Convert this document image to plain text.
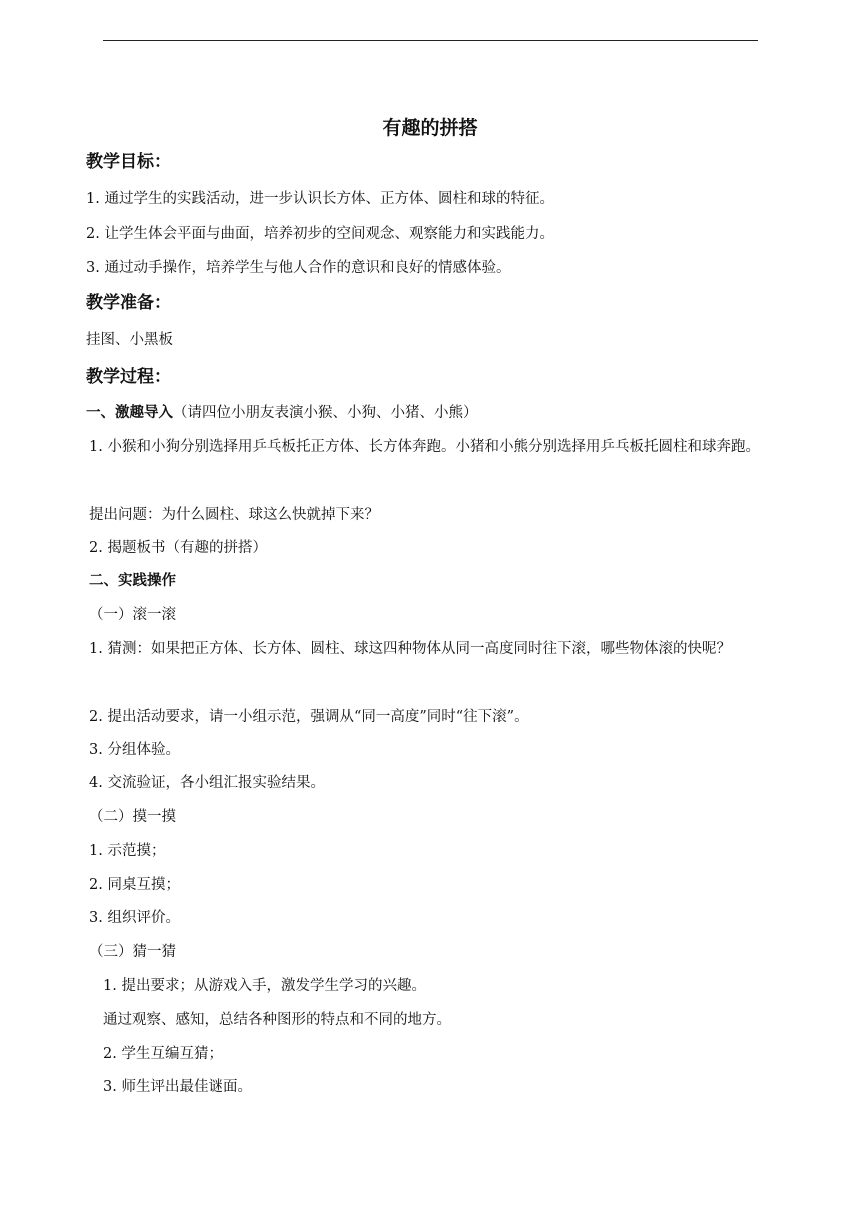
有趣的拼搭
教学目标：
1. 通过学生的实践活动，进一步认识长方体、正方体、圆柱和球的特征。
2. 让学生体会平面与曲面，培养初步的空间观念、观察能力和实践能力。
3. 通过动手操作，培养学生与他人合作的意识和良好的情感体验。
教学准备：
挂图、小黑板
教学过程：
一、激趣导入（请四位小朋友表演小猴、小狗、小猪、小熊）
1. 小猴和小狗分别选择用乒乓板托正方体、长方体奔跑。小猪和小熊分别选择用乒乓板托圆柱和球奔跑。
提出问题：为什么圆柱、球这么快就掉下来？
2. 揭题板书（有趣的拼搭）
二、实践操作
（一）滚一滚
1. 猜测：如果把正方体、长方体、圆柱、球这四种物体从同一高度同时往下滚，哪些物体滚的快呢？
2. 提出活动要求，请一小组示范，强调从“同一高度”同时“往下滚”。
3. 分组体验。
4. 交流验证，各小组汇报实验结果。
（二）摸一摸
1. 示范摸；
2. 同桌互摸；
3. 组织评价。
（三）猜一猜
1. 提出要求；从游戏入手，激发学生学习的兴趣。
通过观察、感知，总结各种图形的特点和不同的地方。
2. 学生互编互猜；
3. 师生评出最佳谜面。
